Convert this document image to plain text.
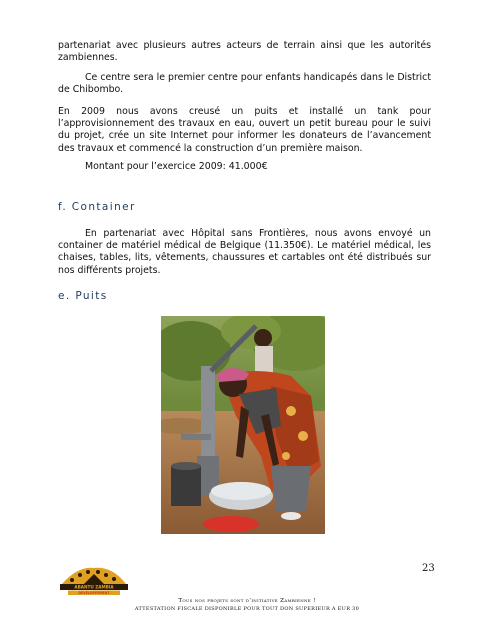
partenariat avec plusieurs autres acteurs de terrain ainsi que les autorités zambiennes.
Ce centre sera le premier centre pour enfants handicapés dans le District de Chibombo.
En 2009 nous avons creusé un puits et installé un tank pour l’approvisionnement des travaux en eau, ouvert un petit bureau pour le suivi du projet, crée un site Internet pour informer les donateurs de l’avancement des travaux et commencé la construction d’un première maison.
Montant pour l’exercice 2009: 41.000€
f. Container
En partenariat avec Hôpital sans Frontières, nous avons envoyé un container de matériel médical de Belgique (11.350€). Le matériel médical, les chaises, tables, lits, vêtements, chaussures et cartables ont été distribués sur nos différents projets.
e. Puits
23
ABANTU ZAMBIA
DEVELOPPEMENT
Tous nos projets sont d’initiative Zambienne !
ATTESTATION FISCALE DISPONIBLE POUR TOUT DON SUPERIEUR A EUR 30
